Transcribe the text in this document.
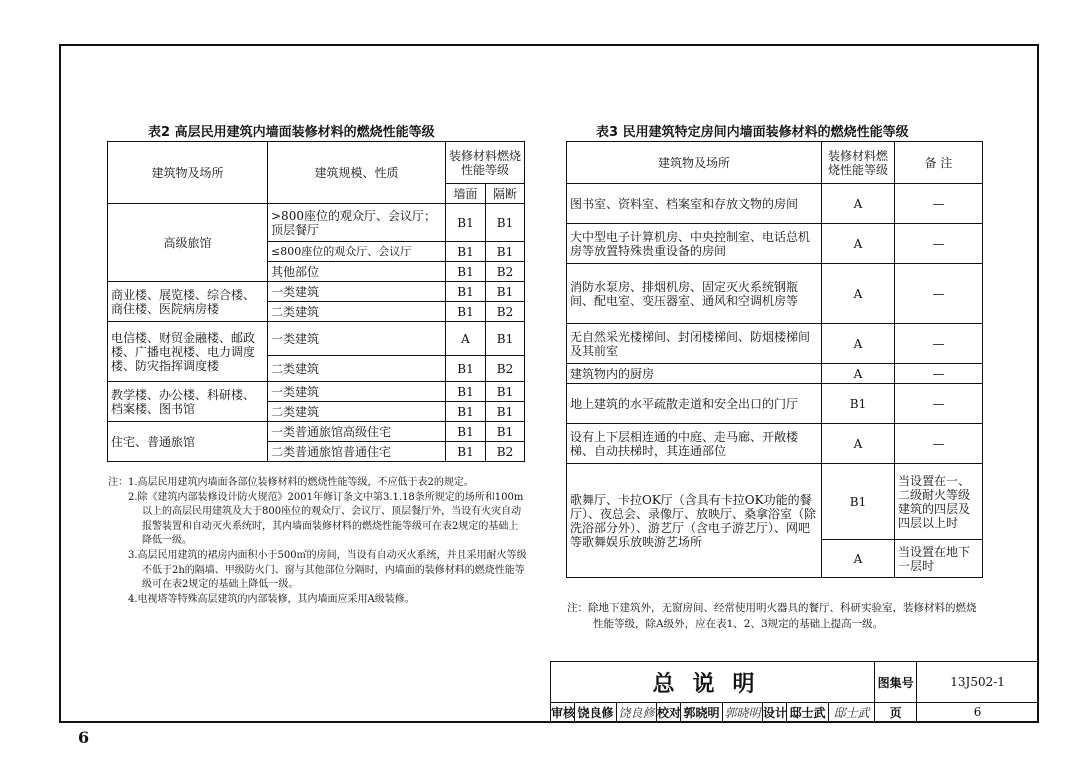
表2 高层民用建筑内墙面装修材料的燃烧性能等级
建筑物及场所	建筑规模、性质	装修材料燃烧性能等级	
		墙面	隔断
高级旅馆	>800座位的观众厅、会议厅；顶层餐厅	B1	B1
	≤800座位的观众厅、会议厅	B1	B1
	其他部位	B1	B2
商业楼、展览楼、综合楼、商住楼、医院病房楼	一类建筑	B1	B1
	二类建筑	B1	B2
电信楼、财贸金融楼、邮政楼、广播电视楼、电力调度楼、防灾指挥调度楼	一类建筑	A	B1
	二类建筑	B1	B2
教学楼、办公楼、科研楼、档案楼、图书馆	一类建筑	B1	B1
	二类建筑	B1	B1
住宅、普通旅馆	一类普通旅馆高级住宅	B1	B1
	二类普通旅馆普通住宅	B1	B2
注：1.高层民用建筑内墙面各部位装修材料的燃烧性能等级，不应低于表2的规定。
2.除《建筑内部装修设计防火规范》2001年修订条文中第3.1.18条所规定的场所和100m以上的高层民用建筑及大于800座位的观众厅、会议厅、顶层餐厅外，当设有火灾自动报警装置和自动灭火系统时，其内墙面装修材料的燃烧性能等级可在表2规定的基础上降低一级。
3.高层民用建筑的裙房内面积小于500㎡的房间，当设有自动灭火系统，并且采用耐火等级不低于2h的隔墙、甲级防火门、窗与其他部位分隔时，内墙面的装修材料的燃烧性能等级可在表2规定的基础上降低一级。
4.电视塔等特殊高层建筑的内部装修，其内墙面应采用A级装修。
表3 民用建筑特定房间内墙面装修材料的燃烧性能等级
建筑物及场所	装修材料燃烧性能等级	备 注
图书室、资料室、档案室和存放文物的房间	A	—
大中型电子计算机房、中央控制室、电话总机房等放置特殊贵重设备的房间	A	—
消防水泵房、排烟机房、固定灭火系统钢瓶间、配电室、变压器室、通风和空调机房等	A	—
无自然采光楼梯间、封闭楼梯间、防烟楼梯间及其前室	A	—
建筑物内的厨房	A	—
地上建筑的水平疏散走道和安全出口的门厅	B1	—
设有上下层相连通的中庭、走马廊、开敞楼梯、自动扶梯时，其连通部位	A	—
歌舞厅、卡拉OK厅（含具有卡拉OK功能的餐厅）、夜总会、录像厅、放映厅、桑拿浴室（除洗浴部分外）、游艺厅（含电子游艺厅）、网吧等歌舞娱乐放映游艺场所	B1	当设置在一、二级耐火等级建筑的四层及四层以上时
	A	当设置在地下一层时
注：除地下建筑外，无窗房间、经常使用明火器具的餐厅、科研实验室，装修材料的燃烧性能等级，除A级外，应在表1、2、3规定的基础上提高一级。
总说明									图集号	13J502-1
审核	饶良修	饶良修	校对	郭晓明	郭晓明	设计	邸士武	邸士武	页	6
6
